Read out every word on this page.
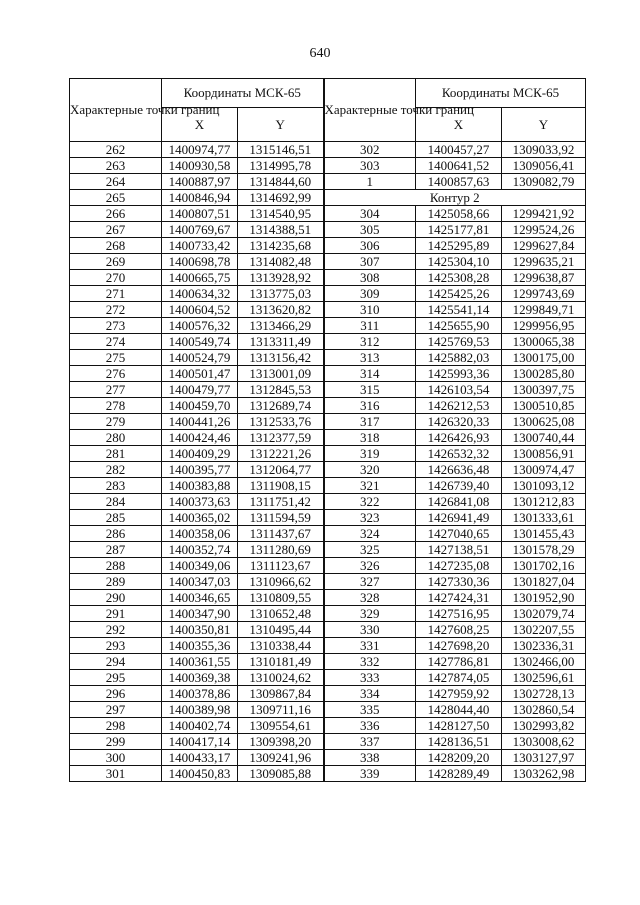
640
Характерные точки границ	Координаты МСК-65		Характерные точки границ	Координаты МСК-65	
	X	Y		X	Y
262	1400974,77	1315146,51	302	1400457,27	1309033,92
263	1400930,58	1314995,78	303	1400641,52	1309056,41
264	1400887,97	1314844,60	1	1400857,63	1309082,79
265	1400846,94	1314692,99	Контур 2		
266	1400807,51	1314540,95	304	1425058,66	1299421,92
267	1400769,67	1314388,51	305	1425177,81	1299524,26
268	1400733,42	1314235,68	306	1425295,89	1299627,84
269	1400698,78	1314082,48	307	1425304,10	1299635,21
270	1400665,75	1313928,92	308	1425308,28	1299638,87
271	1400634,32	1313775,03	309	1425425,26	1299743,69
272	1400604,52	1313620,82	310	1425541,14	1299849,71
273	1400576,32	1313466,29	311	1425655,90	1299956,95
274	1400549,74	1313311,49	312	1425769,53	1300065,38
275	1400524,79	1313156,42	313	1425882,03	1300175,00
276	1400501,47	1313001,09	314	1425993,36	1300285,80
277	1400479,77	1312845,53	315	1426103,54	1300397,75
278	1400459,70	1312689,74	316	1426212,53	1300510,85
279	1400441,26	1312533,76	317	1426320,33	1300625,08
280	1400424,46	1312377,59	318	1426426,93	1300740,44
281	1400409,29	1312221,26	319	1426532,32	1300856,91
282	1400395,77	1312064,77	320	1426636,48	1300974,47
283	1400383,88	1311908,15	321	1426739,40	1301093,12
284	1400373,63	1311751,42	322	1426841,08	1301212,83
285	1400365,02	1311594,59	323	1426941,49	1301333,61
286	1400358,06	1311437,67	324	1427040,65	1301455,43
287	1400352,74	1311280,69	325	1427138,51	1301578,29
288	1400349,06	1311123,67	326	1427235,08	1301702,16
289	1400347,03	1310966,62	327	1427330,36	1301827,04
290	1400346,65	1310809,55	328	1427424,31	1301952,90
291	1400347,90	1310652,48	329	1427516,95	1302079,74
292	1400350,81	1310495,44	330	1427608,25	1302207,55
293	1400355,36	1310338,44	331	1427698,20	1302336,31
294	1400361,55	1310181,49	332	1427786,81	1302466,00
295	1400369,38	1310024,62	333	1427874,05	1302596,61
296	1400378,86	1309867,84	334	1427959,92	1302728,13
297	1400389,98	1309711,16	335	1428044,40	1302860,54
298	1400402,74	1309554,61	336	1428127,50	1302993,82
299	1400417,14	1309398,20	337	1428136,51	1303008,62
300	1400433,17	1309241,96	338	1428209,20	1303127,97
301	1400450,83	1309085,88	339	1428289,49	1303262,98
